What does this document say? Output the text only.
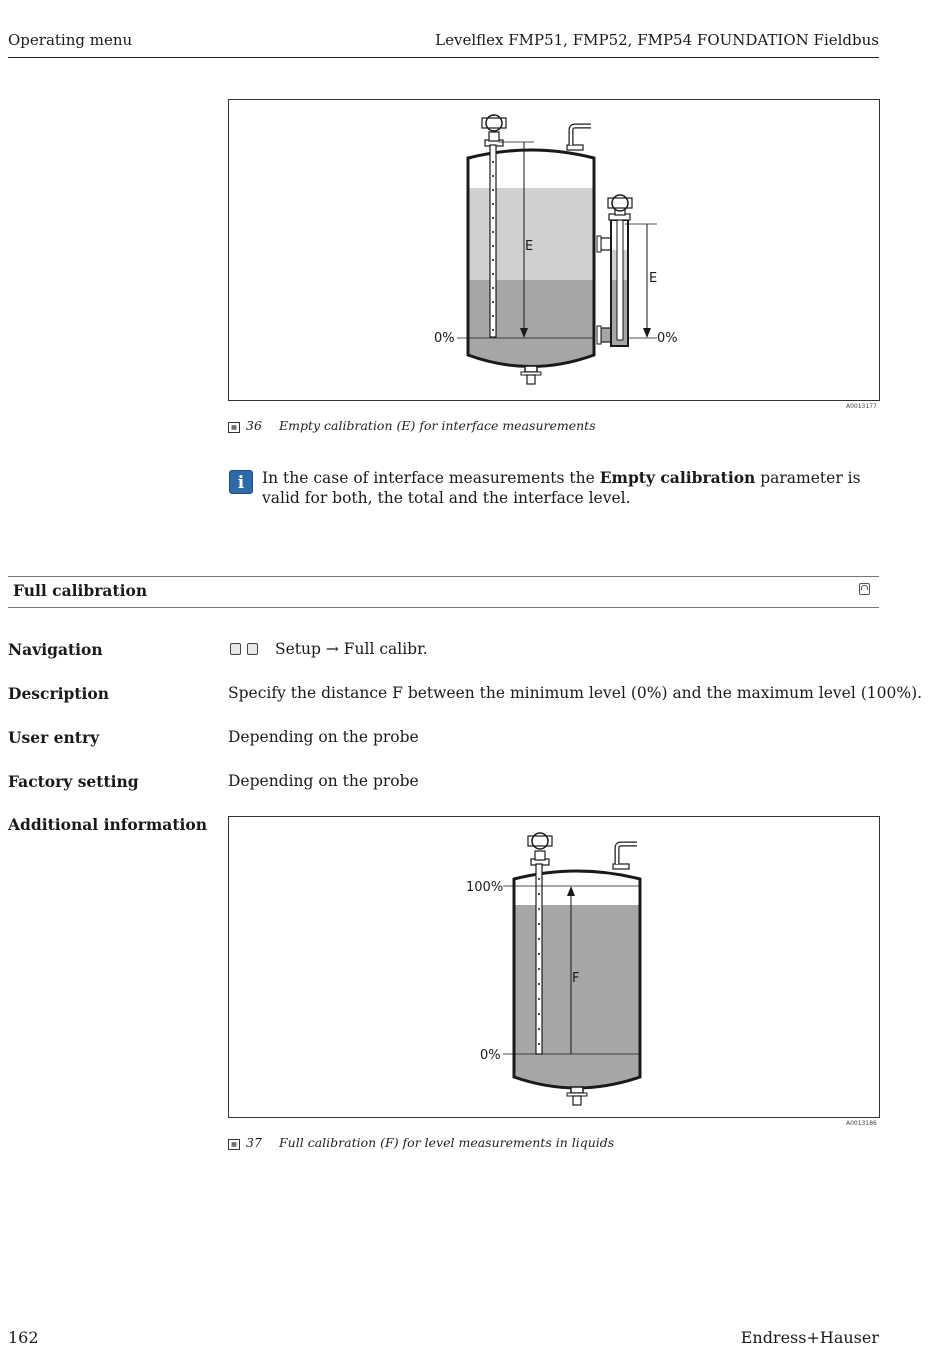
Operating menu	Levelflex FMP51, FMP52, FMP54 FOUNDATION Fieldbus
E
0%
E
0%
A0013177
▦ 36 Empty calibration (E) for interface measurements
i	In the case of interface measurements the Empty calibration parameter is valid for both, the total and the interface level.
Full calibration
Navigation	Setup → Full calibr.
Description	Specify the distance F between the minimum level (0%) and the maximum level (100%).
User entry	Depending on the probe
Factory setting	Depending on the probe
Additional information
100%
F
0%
A0013186
▦ 37 Full calibration (F) for level measurements in liquids
162	Endress+Hauser
